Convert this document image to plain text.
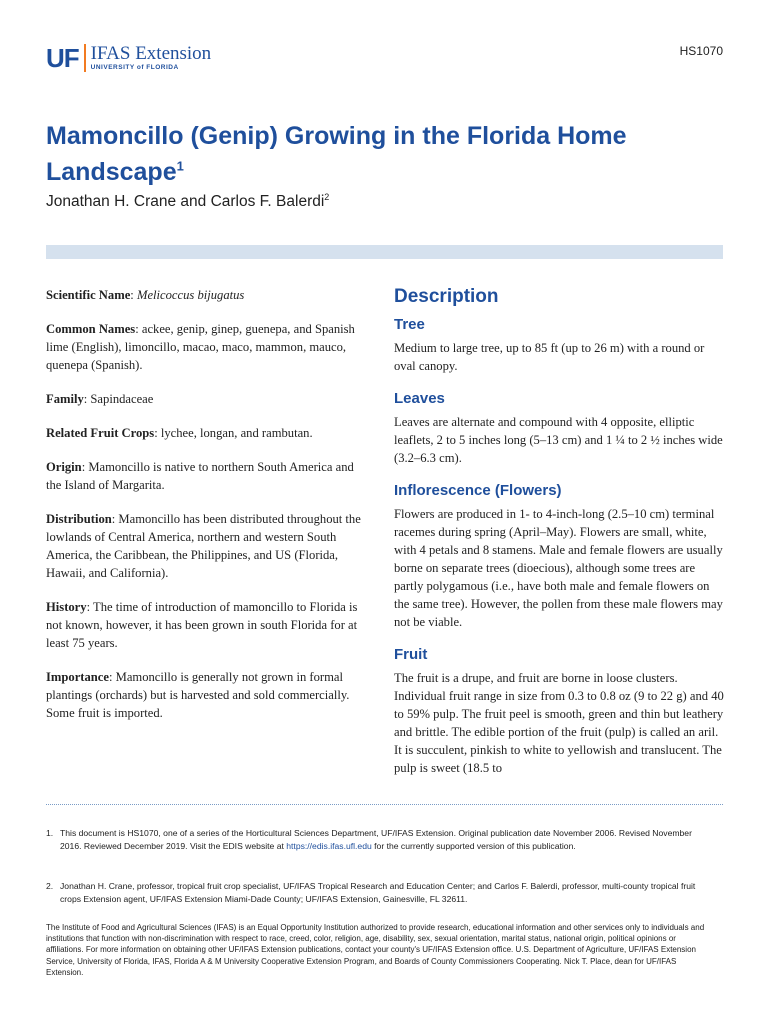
UF IFAS Extension
UNIVERSITY of FLORIDA
HS1070
Mamoncillo (Genip) Growing in the Florida Home Landscape$^1$
Jonathan H. Crane and Carlos F. Balerdi$^2$

Scientific Name: Melicoccus bijugatus

Common Names: ackee, genip, ginep, guenepa, and Spanish lime (English), limoncillo, macao, maco, mammon, mauco, quenepa (Spanish).

Family: Sapindaceae

Related Fruit Crops: lychee, longan, and rambutan.

Origin: Mamoncillo is native to northern South America and the Island of Margarita.

Distribution: Mamoncillo has been distributed throughout the lowlands of Central America, northern and western South America, the Caribbean, the Philippines, and US (Florida, Hawaii, and California).

History: The time of introduction of mamoncillo to Florida is not known, however, it has been grown in south Florida for at least 75 years.

Importance: Mamoncillo is generally not grown in formal plantings (orchards) but is harvested and sold commercially. Some fruit is imported.

Description
Tree

Medium to large tree, up to 85 ft (up to 26 m) with a round or oval canopy.

Leaves

Leaves are alternate and compound with 4 opposite, elliptic leaflets, 2 to 5 inches long (5–13 cm) and 1 ¼ to 2 ½ inches wide (3.2–6.3 cm).

Inflorescence (Flowers)

Flowers are produced in 1- to 4-inch-long (2.5–10 cm) terminal racemes during spring (April–May). Flowers are small, white, with 4 petals and 8 stamens. Male and female flowers are usually borne on separate trees (dioecious), although some trees are partly polygamous (i.e., have both male and female flowers on the same tree). However, the pollen from these male flowers may not be viable.

Fruit

The fruit is a drupe, and fruit are borne in loose clusters. Individual fruit range in size from 0.3 to 0.8 oz (9 to 22 g) and 40 to 59% pulp. The fruit peel is smooth, green and thin but leathery and brittle. The edible portion of the fruit (pulp) is called an aril. It is succulent, pinkish to white to yellowish and translucent. The pulp is sweet (18.5 to

1. This document is HS1070, one of a series of the Horticultural Sciences Department, UF/IFAS Extension. Original publication date November 2006. Revised November 2016. Reviewed December 2019. Visit the EDIS website at https://edis.ifas.ufl.edu for the currently supported version of this publication.
2. Jonathan H. Crane, professor, tropical fruit crop specialist, UF/IFAS Tropical Research and Education Center; and Carlos F. Balerdi, professor, multi-county tropical fruit crops Extension agent, UF/IFAS Extension Miami-Dade County; UF/IFAS Extension, Gainesville, FL 32611.

The Institute of Food and Agricultural Sciences (IFAS) is an Equal Opportunity Institution authorized to provide research, educational information and other services only to individuals and institutions that function with non-discrimination with respect to race, creed, color, religion, age, disability, sex, sexual orientation, marital status, national origin, political opinions or affiliations. For more information on obtaining other UF/IFAS Extension publications, contact your county's UF/IFAS Extension office. U.S. Department of Agriculture, UF/IFAS Extension Service, University of Florida, IFAS, Florida A & M University Cooperative Extension Program, and Boards of County Commissioners Cooperating. Nick T. Place, dean for UF/IFAS Extension.
